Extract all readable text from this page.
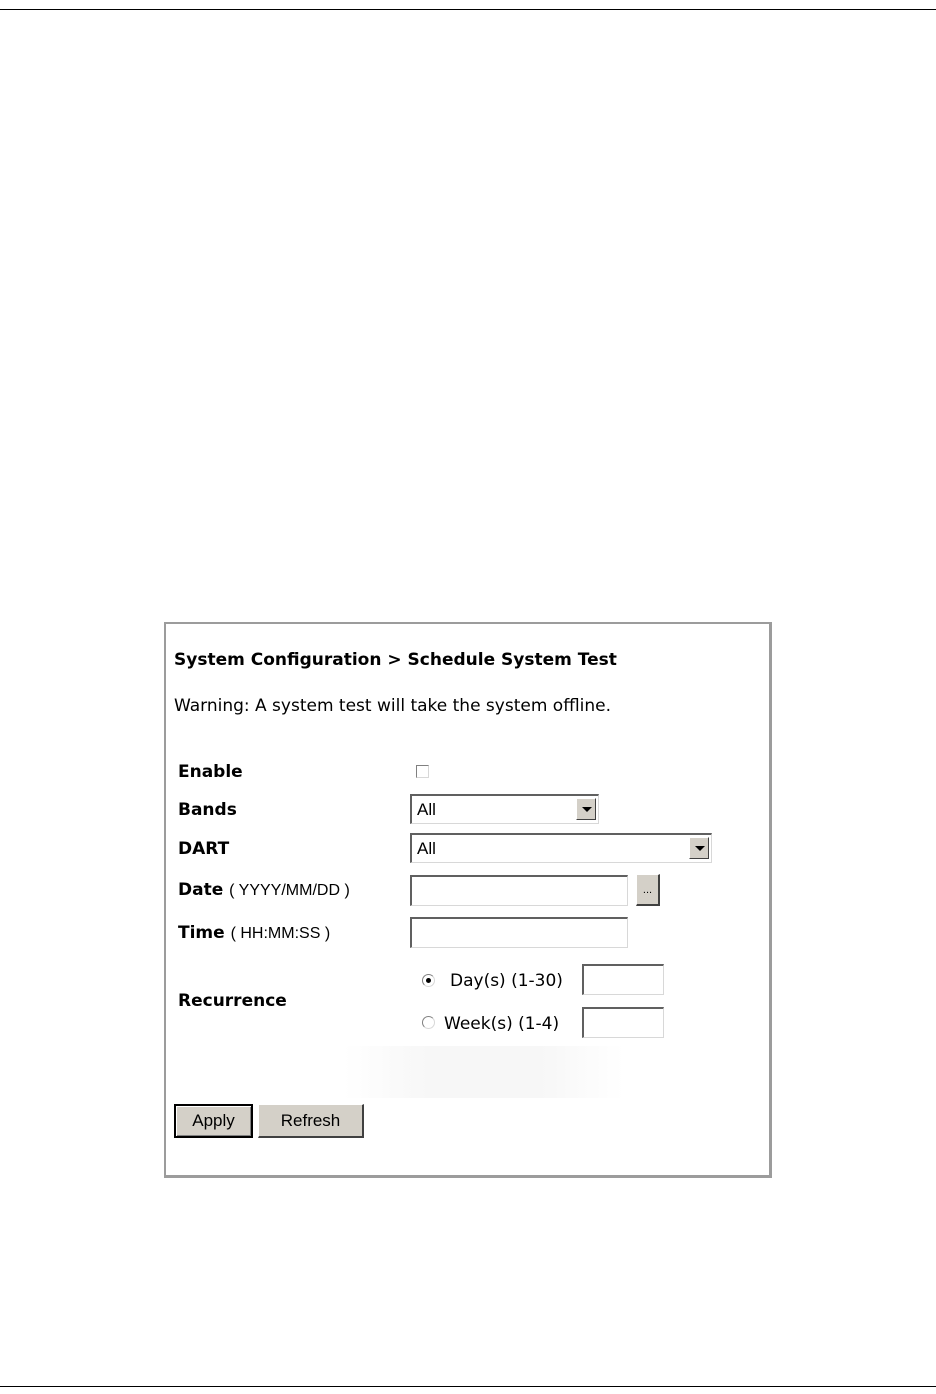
System Configuration > Schedule System Test
Warning: A system test will take the system offline.
Enable
Bands	All
DART	All
Date ( YYYY/MM/DD )	...
Time ( HH:MM:SS )
Recurrence
Day(s) (1-30)
Week(s) (1-4)
Apply	Refresh
